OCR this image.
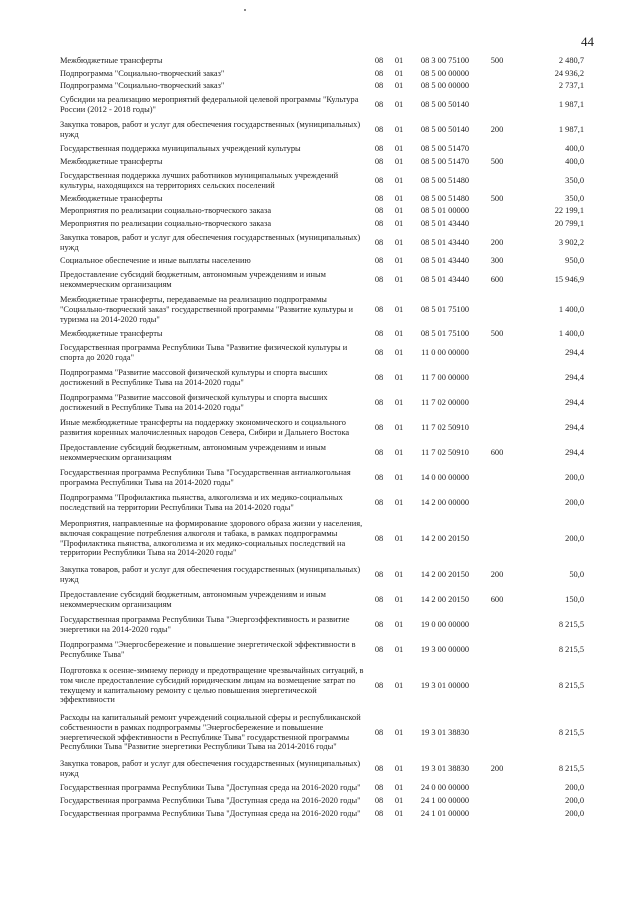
44
Межбюджетные трансферты	08	01	08 3 00 75100	500	2 480,7
Подпрограмма "Социально-творческий заказ"	08	01	08 5 00 00000		24 936,2
Подпрограмма "Социально-творческий заказ"	08	01	08 5 00 00000		2 737,1
Субсидии на реализацию мероприятий федеральной целевой программы "Культура России (2012 - 2018 годы)"	08	01	08 5 00 50140		1 987,1
Закупка товаров, работ и услуг для обеспечения государственных (муниципальных) нужд	08	01	08 5 00 50140	200	1 987,1
Государственная поддержка муниципальных учреждений культуры	08	01	08 5 00 51470		400,0
Межбюджетные трансферты	08	01	08 5 00 51470	500	400,0
Государственная поддержка лучших работников муниципальных учреждений культуры, находящихся на территориях сельских поселений	08	01	08 5 00 51480		350,0
Межбюджетные трансферты	08	01	08 5 00 51480	500	350,0
Мероприятия по реализации социально-творческого заказа	08	01	08 5 01 00000		22 199,1
Мероприятия по реализации социально-творческого заказа	08	01	08 5 01 43440		20 799,1
Закупка товаров, работ и услуг для обеспечения государственных (муниципальных) нужд	08	01	08 5 01 43440	200	3 902,2
Социальное обеспечение и иные выплаты населению	08	01	08 5 01 43440	300	950,0
Предоставление субсидий бюджетным, автономным учреждениям и иным некоммерческим организациям	08	01	08 5 01 43440	600	15 946,9
Межбюджетные трансферты, передаваемые на реализацию подпрограммы "Социально-творческий заказ" государственной программы "Развитие культуры и туризма на 2014-2020 годы"	08	01	08 5 01 75100		1 400,0
Межбюджетные трансферты	08	01	08 5 01 75100	500	1 400,0
Государственная программа Республики Тыва "Развитие физической культуры и спорта до 2020 года"	08	01	11 0 00 00000		294,4
Подпрограмма "Развитие массовой физической культуры и спорта высших достижений в Республике Тыва на 2014-2020 годы"	08	01	11 7 00 00000		294,4
Подпрограмма "Развитие массовой физической культуры и спорта высших достижений в Республике Тыва на 2014-2020 годы"	08	01	11 7 02 00000		294,4
Иные межбюджетные трансферты на поддержку экономического и социального развития коренных малочисленных народов Севера, Сибири и Дальнего Востока	08	01	11 7 02 50910		294,4
Предоставление субсидий бюджетным, автономным учреждениям и иным некоммерческим организациям	08	01	11 7 02 50910	600	294,4
Государственная программа Республики Тыва "Государственная антиалкогольная программа Республики Тыва на 2014-2020 годы"	08	01	14 0 00 00000		200,0
Подпрограмма "Профилактика пьянства, алкоголизма и их медико-социальных последствий на территории Республики Тыва на 2014-2020 годы"	08	01	14 2 00 00000		200,0
Мероприятия, направленные на формирование здорового образа жизни у населения, включая сокращение потребления алкоголя и табака, в рамках подпрограммы "Профилактика пьянства, алкоголизма и их медико-социальных последствий на территории Республики Тыва на 2014-2020 годы"	08	01	14 2 00 20150		200,0
Закупка товаров, работ и услуг для обеспечения государственных (муниципальных) нужд	08	01	14 2 00 20150	200	50,0
Предоставление субсидий бюджетным, автономным учреждениям и иным некоммерческим организациям	08	01	14 2 00 20150	600	150,0
Государственная программа Республики Тыва "Энергоэффективность и развитие энергетики на 2014-2020 годы"	08	01	19 0 00 00000		8 215,5
Подпрограмма "Энергосбережение и повышение энергетической эффективности в Республике Тыва"	08	01	19 3 00 00000		8 215,5
Подготовка к осенне-зимнему периоду и предотвращение чрезвычайных ситуаций, в том числе предоставление субсидий юридическим лицам на возмещение затрат по текущему и капитальному ремонту с целью повышения энергетической эффективности	08	01	19 3 01 00000		8 215,5
Расходы на капитальный ремонт учреждений социальной сферы и республиканской собственности в рамках подпрограммы "Энергосбережение и повышение энергетической эффективности в Республике Тыва" государственной программы Республики Тыва "Развитие энергетики Республики Тыва на 2014-2016 годы"	08	01	19 3 01 38830		8 215,5
Закупка товаров, работ и услуг для обеспечения государственных (муниципальных) нужд	08	01	19 3 01 38830	200	8 215,5
Государственная программа Республики Тыва "Доступная среда на 2016-2020 годы"	08	01	24 0 00 00000		200,0
Государственная программа Республики Тыва "Доступная среда на 2016-2020 годы"	08	01	24 1 00 00000		200,0
Государственная программа Республики Тыва "Доступная среда на 2016-2020 годы"	08	01	24 1 01 00000		200,0
